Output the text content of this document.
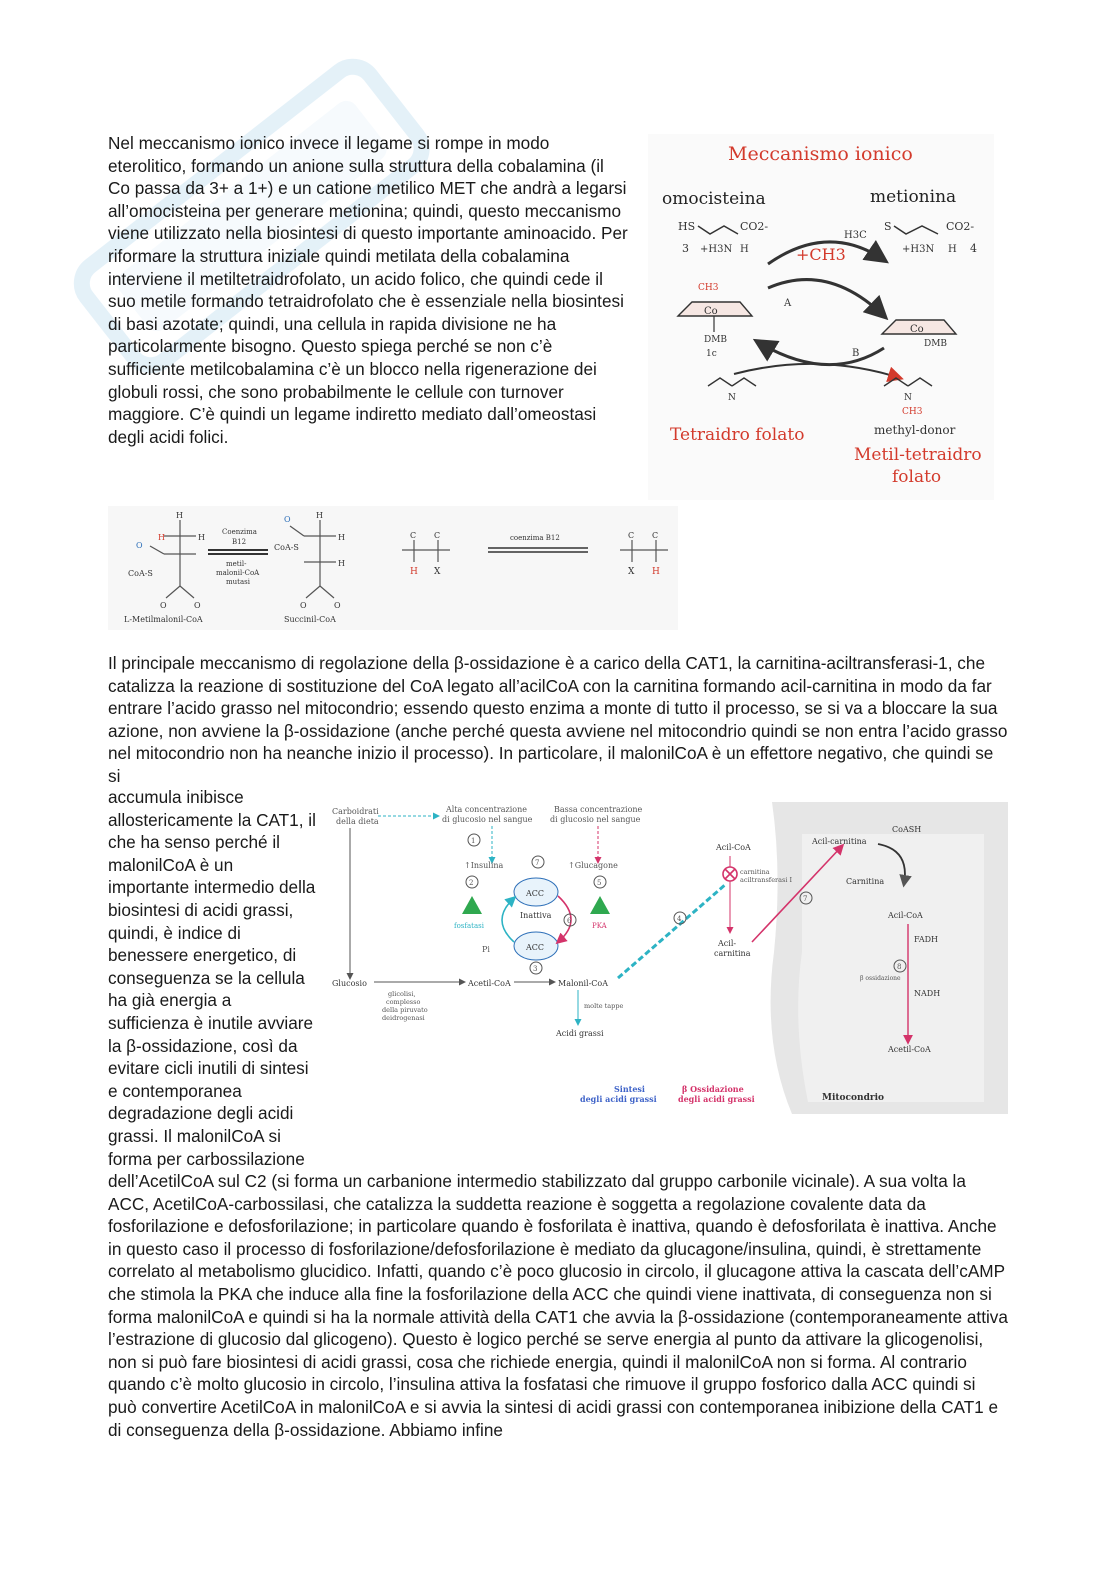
Nel meccanismo ionico invece il legame si rompe in modo eterolitico, formando un anione sulla struttura della cobalamina (il Co passa da 3+ a 1+) e un catione metilico MET che andrà a legarsi all’omocisteina per generare metionina; quindi, questo meccanismo viene utilizzato nella biosintesi di questo importante aminoacido. Per riformare la struttura iniziale quindi metilata della cobalamina interviene il metiltetraidrofolato, un acido folico, che quindi cede il suo metile formando tetraidrofolato che è essenziale nella biosintesi di basi azotate; quindi, una cellula in rapida divisione ne ha particolarmente bisogno. Questo spiega perché se non c’è sufficiente metilcobalamina c’è un blocco nella rigenerazione dei globuli rossi, che sono probabilmente le cellule con turnover maggiore. C’è quindi un legame indiretto mediato dall’omeostasi degli acidi folici.

Meccanismo ionico
omocisteina	metionina
HS	CO2-
3 +H3N H
H3C
S	CO2-
+H3N H 4
+CH3
CH3
Co
DMB
1c
Co
DMB
A
B
N	N
CH3
methyl-donor
Tetraidro folato
Metil-tetraidro
folato
H
H	H
O
CoA-S
O	O
L-Metilmalonil-CoA
Coenzima
B12
metil-
malonil-CoA
mutasi
H
H
H
O
CoA-S
O	O
Succinil-CoA
C C
H X
coenzima B12	C C
X H

Il principale meccanismo di regolazione della β-ossidazione è a carico della CAT1, la carnitina-aciltransferasi-1, che catalizza la reazione di sostituzione del CoA legato all’acilCoA con la carnitina formando acil-carnitina in modo da far entrare l’acido grasso nel mitocondrio; essendo questo enzima a monte di tutto il processo, se si va a bloccare la sua azione, non avviene la β-ossidazione (anche perché questa avviene nel mitocondrio quindi se non entra l’acido grasso nel mitocondrio non ha neanche inizio il processo). In particolare, il malonilCoA è un effettore negativo, che quindi se si

Mitocondrio
Carboidrati
della dieta
Alta concentrazione
di glucosio nel sangue
Bassa concentrazione
di glucosio nel sangue
1
↑Insulina
2
7	↑Glucagone
5
fosfatasi	PKA
ACC
Inattiva
ACC
6
Pi
3
Glucosio
glicolisi,
complesso
della piruvato
deidrogenasi
Acetil-CoA	Malonil-CoA
molte tappe
Acidi grassi
4
Acil-CoA
carnitina
aciltransferasi I
Acil-
carnitina
7
Acil-carnitina
CoASH
Carnitina
Acil-CoA
FADH
8
β ossidazione
NADH
Acetil-CoA
Sintesi
degli acidi grassi
β Ossidazione
degli acidi grassi
accumula inibisce allostericamente la CAT1, il che ha senso perché il malonilCoA è un importante intermedio della biosintesi di acidi grassi, quindi, è indice di benessere energetico, di conseguenza se la cellula ha già energia a sufficienza è inutile avviare la β-ossidazione, così da evitare cicli inutili di sintesi e contemporanea degradazione degli acidi grassi. Il malonilCoA si forma per carbossilazione dell’AcetilCoA sul C2 (si forma un carbanione intermedio stabilizzato dal gruppo carbonile vicinale). A sua volta la ACC, AcetilCoA-carbossilasi, che catalizza la suddetta reazione è soggetta a regolazione covalente data da fosforilazione e defosforilazione; in particolare quando è fosforilata è inattiva, quando è defosforilata è inattiva. Anche in questo caso il processo di fosforilazione/defosforilazione è mediato da glucagone/insulina, quindi, è strettamente correlato al metabolismo glucidico. Infatti, quando c’è poco glucosio in circolo, il glucagone attiva la cascata dell’cAMP che stimola la PKA che induce alla fine la fosforilazione della ACC che quindi viene inattivata, di conseguenza non si forma malonilCoA e quindi si ha la normale attività della CAT1 che avvia la β-ossidazione (contemporaneamente attiva l’estrazione di glucosio dal glicogeno). Questo è logico perché se serve energia al punto da attivare la glicogenolisi, non si può fare biosintesi di acidi grassi, cosa che richiede energia, quindi il malonilCoA non si forma. Al contrario quando c’è molto glucosio in circolo, l’insulina attiva la fosfatasi che rimuove il gruppo fosforico dalla ACC quindi si può convertire AcetilCoA in malonilCoA e si avvia la sintesi di acidi grassi con contemporanea inibizione della CAT1 e di conseguenza della β-ossidazione. Abbiamo infine
